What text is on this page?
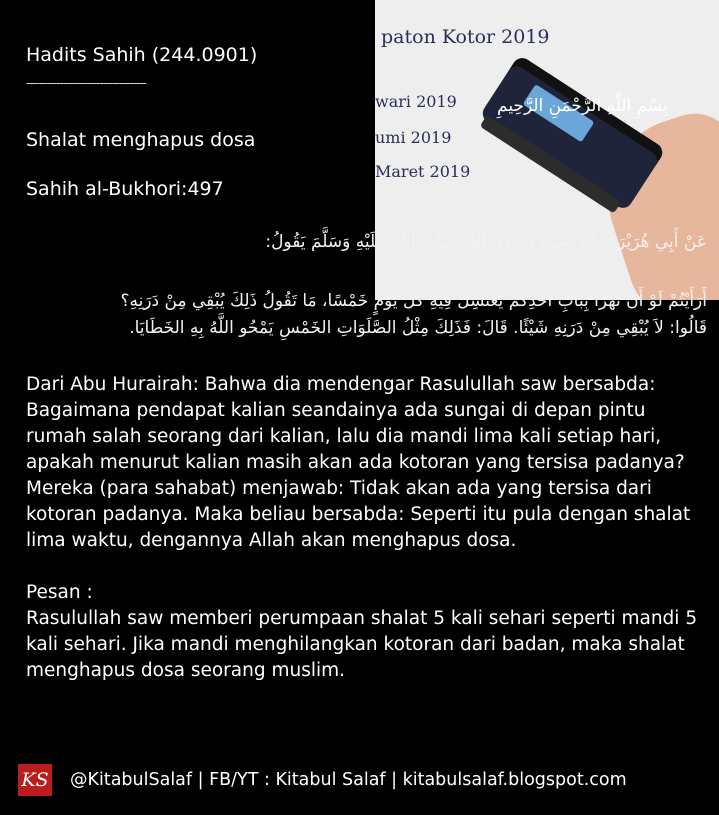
paton Kotor 2019
wari 2019
umi 2019
Maret 2019
بِسْمِ اللَّهِ الرَّحْمَنِ الرَّحِيمِ
Hadits Sahih (244.0901)
------------------------------------
Shalat menghapus dosa
Sahih al-Bukhori:497
عَنْ أَبِي هُرَيْرَةَ: أَنَّهُ سَمِعَ رَسُولَ اللَّهِ صَلَّى اللَّهُ عَلَيْهِ وَسَلَّمَ يَقُولُ:
أَرَأَيْتُمْ لَوْ أَنَّ نَهَرًا بِبَابِ أَحَدِكُمْ يَغْتَسِلُ فِيهِ كُلَّ يَوْمٍ خَمْسًا، مَا تَقُولُ ذَلِكَ يُبْقِي مِنْ دَرَنِهِ؟
قَالُوا: لاَ يُبْقِي مِنْ دَرَنِهِ شَيْئًا. قَالَ: فَذَلِكَ مِثْلُ الصَّلَوَاتِ الخَمْسِ يَمْحُو اللَّهُ بِهِ الخَطَايَا.

Dari Abu Hurairah: Bahwa dia mendengar Rasulullah saw bersabda:

Bagaimana pendapat kalian seandainya ada sungai di depan pintu rumah salah seorang dari kalian, lalu dia mandi lima kali setiap hari, apakah menurut kalian masih akan ada kotoran yang tersisa padanya? Mereka (para sahabat) menjawab: Tidak akan ada yang tersisa dari kotoran padanya. Maka beliau bersabda: Seperti itu pula dengan shalat lima waktu, dengannya Allah akan menghapus dosa.

Pesan :

Rasulullah saw memberi perumpaan shalat 5 kali sehari seperti mandi 5 kali sehari. Jika mandi menghilangkan kotoran dari badan, maka shalat menghapus dosa seorang muslim.

KS @KitabulSalaf | FB/YT : Kitabul Salaf | kitabulsalaf.blogspot.com
